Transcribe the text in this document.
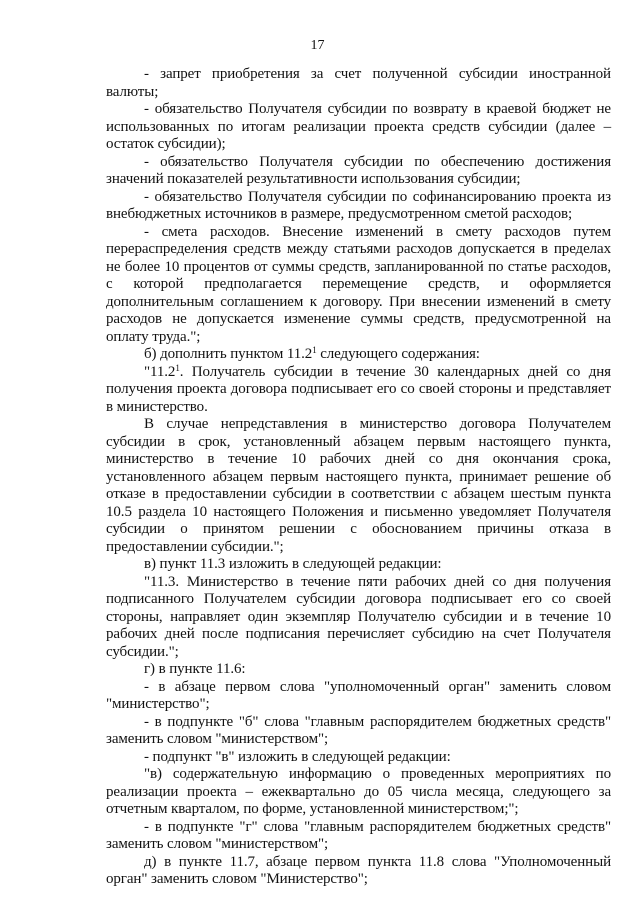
17

- запрет приобретения за счет полученной субсидии иностранной валюты;

- обязательство Получателя субсидии по возврату в краевой бюджет не использованных по итогам реализации проекта средств субсидии (далее – остаток субсидии);

- обязательство Получателя субсидии по обеспечению достижения значений показателей результативности использования субсидии;

- обязательство Получателя субсидии по софинансированию проекта из внебюджетных источников в размере, предусмотренном сметой расходов;

- смета расходов. Внесение изменений в смету расходов путем перераспределения средств между статьями расходов допускается в пределах не более 10 процентов от суммы средств, запланированной по статье расходов, с которой предполагается перемещение средств, и оформляется дополнительным соглашением к договору. При внесении изменений в смету расходов не допускается изменение суммы средств, предусмотренной на оплату труда.";

б) дополнить пунктом 11.2$^1$ следующего содержания:

"11.2$^1$. Получатель субсидии в течение 30 календарных дней со дня получения проекта договора подписывает его со своей стороны и представляет в министерство.

В случае непредставления в министерство договора Получателем субсидии в срок, установленный абзацем первым настоящего пункта, министерство в течение 10 рабочих дней со дня окончания срока, установленного абзацем первым настоящего пункта, принимает решение об отказе в предоставлении субсидии в соответствии с абзацем шестым пункта 10.5 раздела 10 настоящего Положения и письменно уведомляет Получателя субсидии о принятом решении с обоснованием причины отказа в предоставлении субсидии.";

в) пункт 11.3 изложить в следующей редакции:

"11.3. Министерство в течение пяти рабочих дней со дня получения подписанного Получателем субсидии договора подписывает его со своей стороны, направляет один экземпляр Получателю субсидии и в течение 10 рабочих дней после подписания перечисляет субсидию на счет Получателя субсидии.";

г) в пункте 11.6:

- в абзаце первом слова "уполномоченный орган" заменить словом "министерство";

- в подпункте "б" слова "главным распорядителем бюджетных средств" заменить словом "министерством";

- подпункт "в" изложить в следующей редакции:

"в) содержательную информацию о проведенных мероприятиях по реализации проекта – ежеквартально до 05 числа месяца, следующего за отчетным кварталом, по форме, установленной министерством;";

- в подпункте "г" слова "главным распорядителем бюджетных средств" заменить словом "министерством";

д) в пункте 11.7, абзаце первом пункта 11.8 слова "Уполномоченный орган" заменить словом "Министерство";
